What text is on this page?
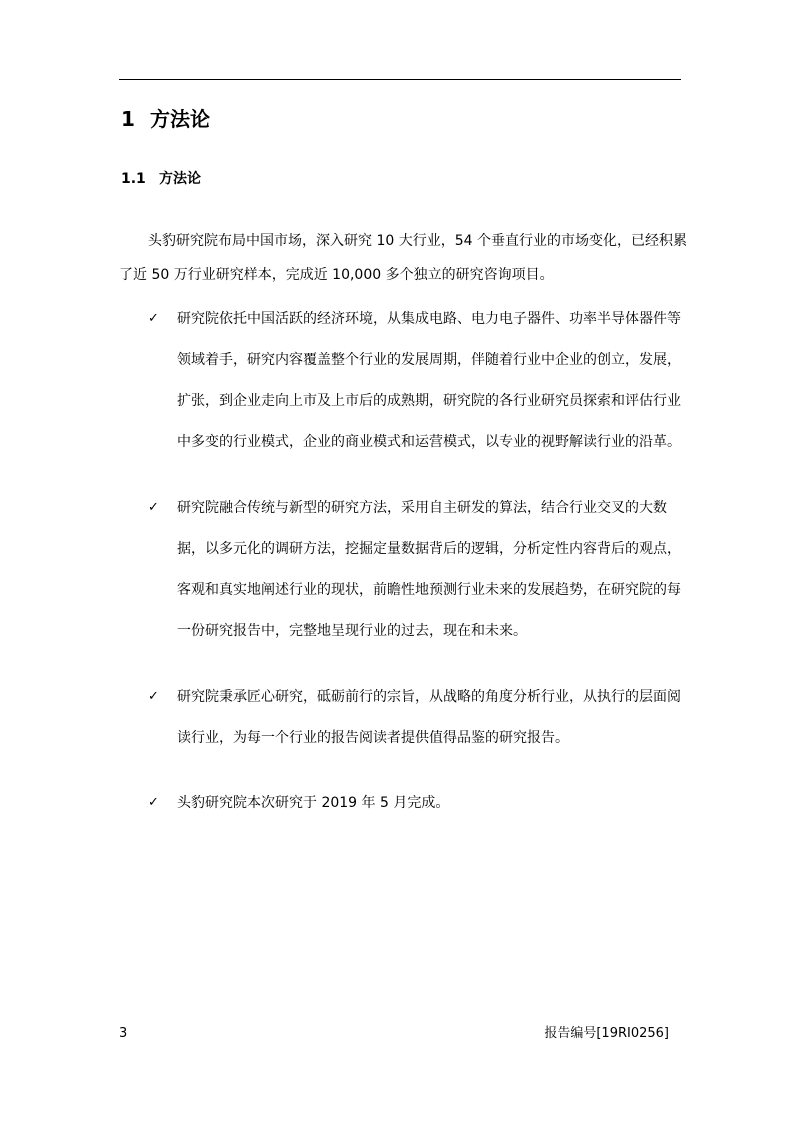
1 方法论
1.1 方法论
头豹研究院布局中国市场，深入研究 10 大行业，54 个垂直行业的市场变化，已经积累
了近 50 万行业研究样本，完成近 10,000 多个独立的研究咨询项目。
✓ 研究院依托中国活跃的经济环境，从集成电路、电力电子器件、功率半导体器件等领域着手，研究内容覆盖整个行业的发展周期，伴随着行业中企业的创立，发展，扩张，到企业走向上市及上市后的成熟期，研究院的各行业研究员探索和评估行业中多变的行业模式，企业的商业模式和运营模式，以专业的视野解读行业的沿革。
✓ 研究院融合传统与新型的研究方法，采用自主研发的算法，结合行业交叉的大数据，以多元化的调研方法，挖掘定量数据背后的逻辑，分析定性内容背后的观点，客观和真实地阐述行业的现状，前瞻性地预测行业未来的发展趋势，在研究院的每一份研究报告中，完整地呈现行业的过去，现在和未来。
✓ 研究院秉承匠心研究，砥砺前行的宗旨，从战略的角度分析行业，从执行的层面阅读行业，为每一个行业的报告阅读者提供值得品鉴的研究报告。
✓ 头豹研究院本次研究于 2019 年 5 月完成。
3	报告编号[19RI0256]
